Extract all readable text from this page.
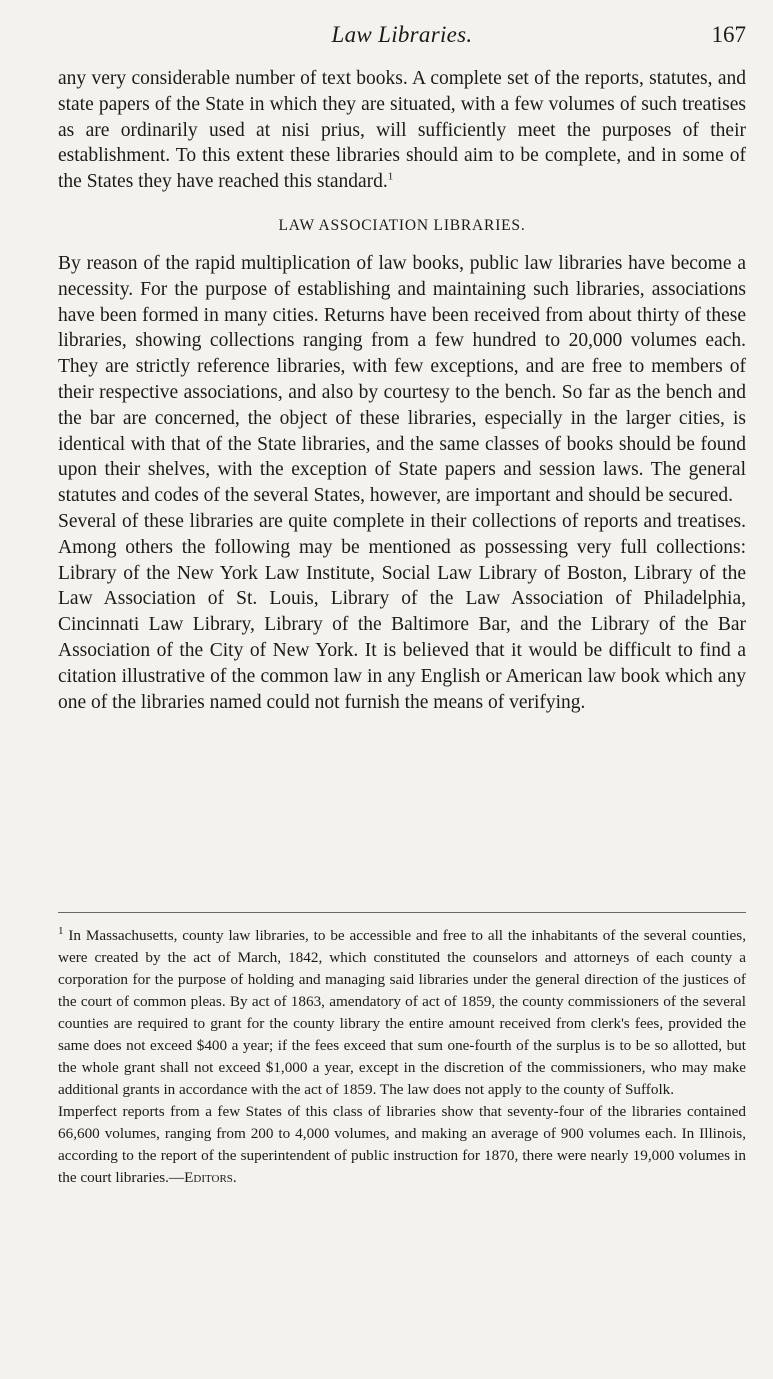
Law Libraries.	167

any very considerable number of text books. A complete set of the reports, statutes, and state papers of the State in which they are situated, with a few volumes of such treatises as are ordinarily used at nisi prius, will sufficiently meet the purposes of their establishment. To this extent these libraries should aim to be complete, and in some of the States they have reached this standard.$^1$

LAW ASSOCIATION LIBRARIES.

By reason of the rapid multiplication of law books, public law libraries have become a necessity. For the purpose of establishing and maintaining such libraries, associations have been formed in many cities. Returns have been received from about thirty of these libraries, showing collections ranging from a few hundred to 20,000 volumes each. They are strictly reference libraries, with few exceptions, and are free to members of their respective associations, and also by courtesy to the bench. So far as the bench and the bar are concerned, the object of these libraries, especially in the larger cities, is identical with that of the State libraries, and the same classes of books should be found upon their shelves, with the exception of State papers and session laws. The general statutes and codes of the several States, however, are important and should be secured.

Several of these libraries are quite complete in their collections of reports and treatises. Among others the following may be mentioned as possessing very full collections: Library of the New York Law Institute, Social Law Library of Boston, Library of the Law Association of St. Louis, Library of the Law Association of Philadelphia, Cincinnati Law Library, Library of the Baltimore Bar, and the Library of the Bar Association of the City of New York. It is believed that it would be difficult to find a citation illustrative of the common law in any English or American law book which any one of the libraries named could not furnish the means of verifying.

$^1$ In Massachusetts, county law libraries, to be accessible and free to all the inhabitants of the several counties, were created by the act of March, 1842, which constituted the counselors and attorneys of each county a corporation for the purpose of holding and managing said libraries under the general direction of the justices of the court of common pleas. By act of 1863, amendatory of act of 1859, the county commissioners of the several counties are required to grant for the county library the entire amount received from clerk's fees, provided the same does not exceed $400 a year; if the fees exceed that sum one-fourth of the surplus is to be so allotted, but the whole grant shall not exceed $1,000 a year, except in the discretion of the commissioners, who may make additional grants in accordance with the act of 1859. The law does not apply to the county of Suffolk.

Imperfect reports from a few States of this class of libraries show that seventy-four of the libraries contained 66,600 volumes, ranging from 200 to 4,000 volumes, and making an average of 900 volumes each. In Illinois, according to the report of the superintendent of public instruction for 1870, there were nearly 19,000 volumes in the court libraries.—Editors.
